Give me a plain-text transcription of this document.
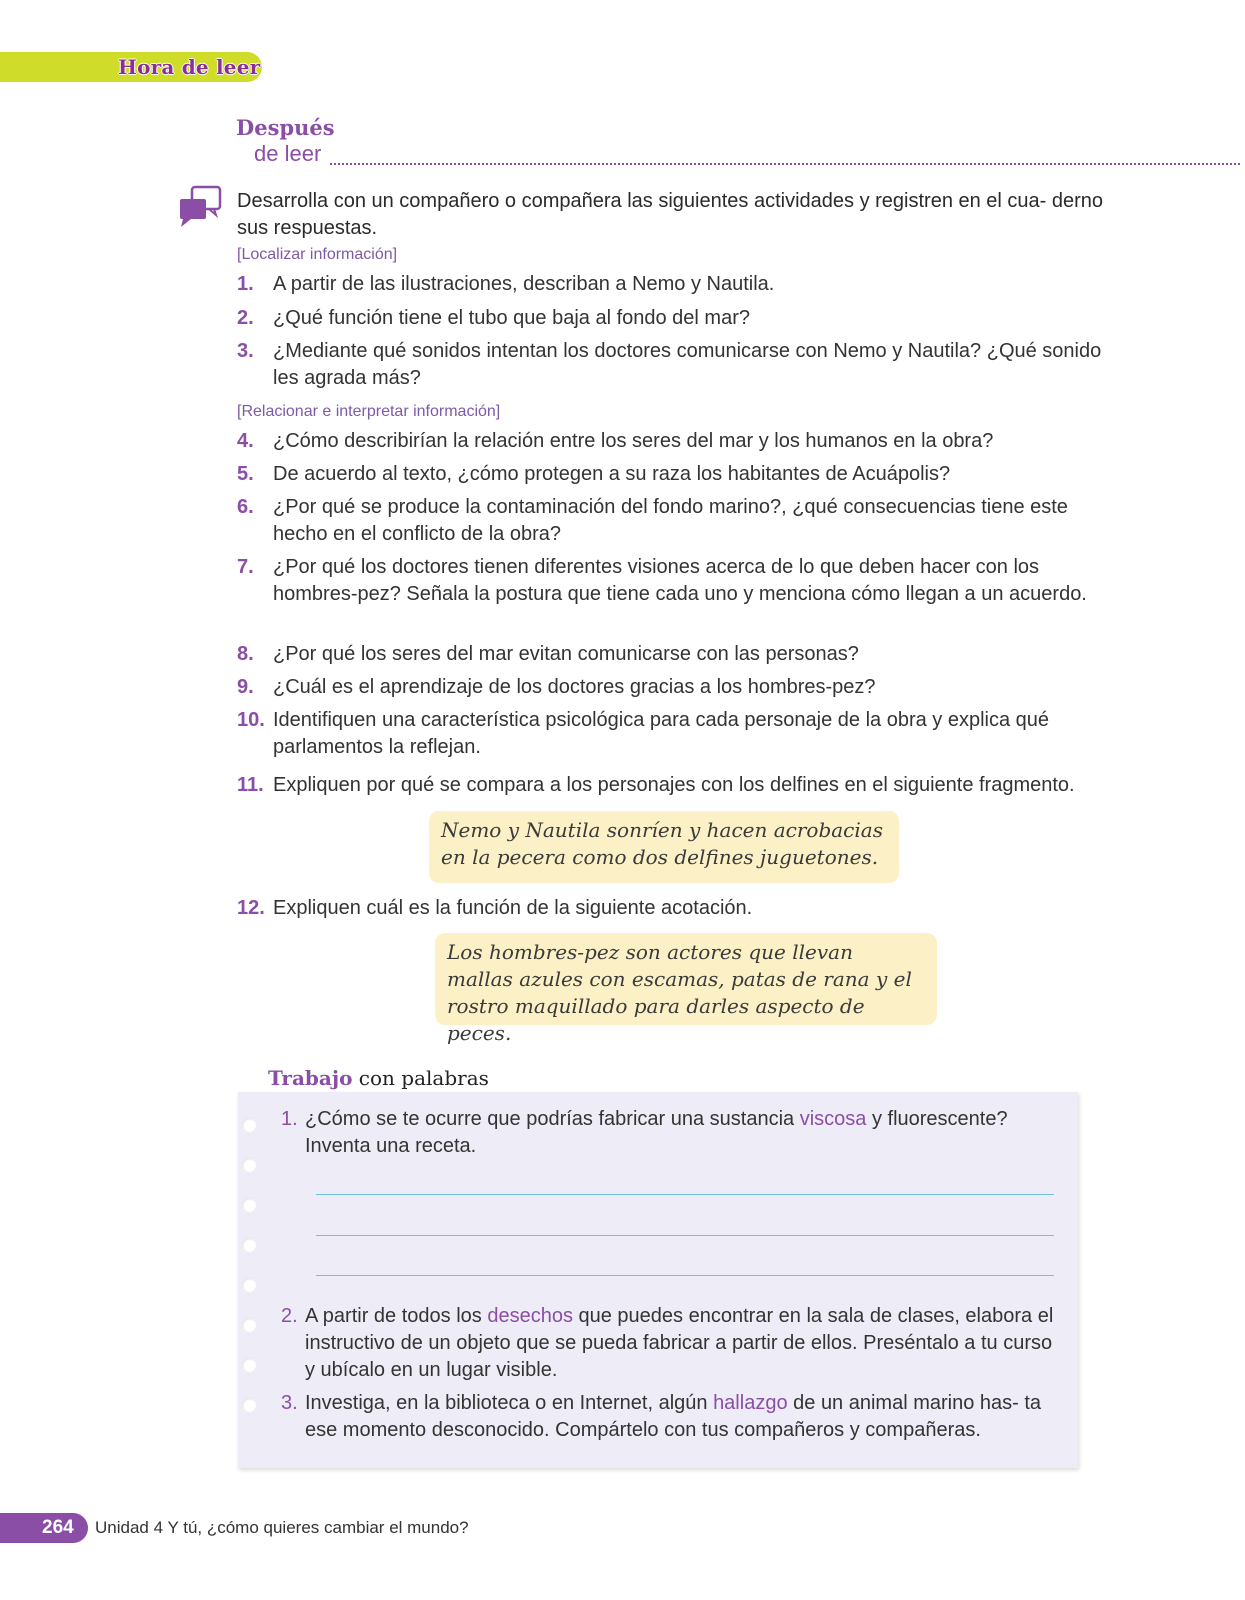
Hora de leer
Después
de leer
Desarrolla con un compañero o compañera las siguientes actividades y registren en el cua- derno sus respuestas.
[Localizar información]
1. A partir de las ilustraciones, describan a Nemo y Nautila.
2. ¿Qué función tiene el tubo que baja al fondo del mar?
3. ¿Mediante qué sonidos intentan los doctores comunicarse con Nemo y Nautila? ¿Qué sonido les agrada más?
[Relacionar e interpretar información]
4. ¿Cómo describirían la relación entre los seres del mar y los humanos en la obra?
5. De acuerdo al texto, ¿cómo protegen a su raza los habitantes de Acuápolis?
6. ¿Por qué se produce la contaminación del fondo marino?, ¿qué consecuencias tiene este hecho en el conflicto de la obra?
7. ¿Por qué los doctores tienen diferentes visiones acerca de lo que deben hacer con los hombres-pez? Señala la postura que tiene cada uno y menciona cómo llegan a un acuerdo.
8. ¿Por qué los seres del mar evitan comunicarse con las personas?
9. ¿Cuál es el aprendizaje de los doctores gracias a los hombres-pez?
10. Identifiquen una característica psicológica para cada personaje de la obra y explica qué parlamentos la reflejan.
11. Expliquen por qué se compara a los personajes con los delfines en el siguiente fragmento.
Nemo y Nautila sonríen y hacen acrobacias en la pecera como dos delfines juguetones.
12. Expliquen cuál es la función de la siguiente acotación.
Los hombres-pez son actores que llevan mallas azules con escamas, patas de rana y el rostro maquillado para darles aspecto de peces.
Trabajo con palabras
1. ¿Cómo se te ocurre que podrías fabricar una sustancia viscosa y fluorescente? Inventa una receta.
2. A partir de todos los desechos que puedes encontrar en la sala de clases, elabora el instructivo de un objeto que se pueda fabricar a partir de ellos. Preséntalo a tu curso y ubícalo en un lugar visible.
3. Investiga, en la biblioteca o en Internet, algún hallazgo de un animal marino has- ta ese momento desconocido. Compártelo con tus compañeros y compañeras.
264 Unidad 4 Y tú, ¿cómo quieres cambiar el mundo?
